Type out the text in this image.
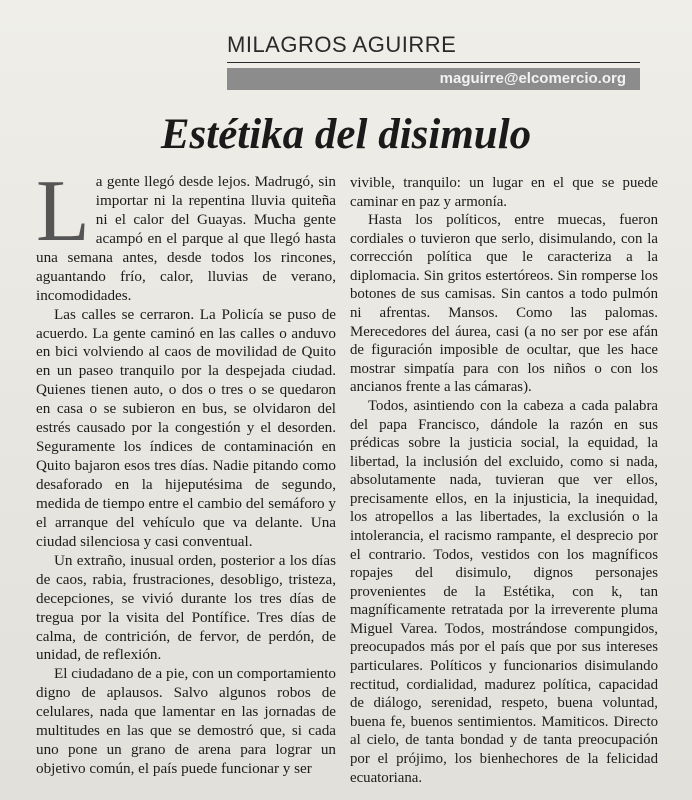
MILAGROS AGUIRRE
maguirre@elcomercio.org
Estétika del disimulo

La gente llegó desde lejos. Madrugó, sin importar ni la repentina lluvia quiteña ni el calor del Guayas. Mucha gente acampó en el parque al que llegó hasta una semana antes, desde todos los rincones, aguantando frío, calor, lluvias de verano, incomodidades.

Las calles se cerraron. La Policía se puso de acuerdo. La gente caminó en las calles o anduvo en bici volviendo al caos de movilidad de Quito en un paseo tranquilo por la despejada ciudad. Quienes tienen auto, o dos o tres o se quedaron en casa o se subieron en bus, se olvidaron del estrés causado por la congestión y el desorden. Seguramente los índices de contaminación en Quito bajaron esos tres días. Nadie pitando como desaforado en la hijeputésima de segundo, medida de tiempo entre el cambio del semáforo y el arranque del vehículo que va delante. Una ciudad silenciosa y casi conventual.

Un extraño, inusual orden, posterior a los días de caos, rabia, frustraciones, desobligo, tristeza, decepciones, se vivió durante los tres días de tregua por la visita del Pontífice. Tres días de calma, de contrición, de fervor, de perdón, de unidad, de reflexión.

El ciudadano de a pie, con un comportamiento digno de aplausos. Salvo algunos robos de celulares, nada que lamentar en las jornadas de multitudes en las que se demostró que, si cada uno pone un grano de arena para lograr un objetivo común, el país puede funcionar y ser

vivible, tranquilo: un lugar en el que se puede caminar en paz y armonía.

Hasta los políticos, entre muecas, fueron cordiales o tuvieron que serlo, disimulando, con la corrección política que le caracteriza a la diplomacia. Sin gritos estertóreos. Sin romperse los botones de sus camisas. Sin cantos a todo pulmón ni afrentas. Mansos. Como las palomas. Merecedores del áurea, casi (a no ser por ese afán de figuración imposible de ocultar, que les hace mostrar simpatía para con los niños o con los ancianos frente a las cámaras).

Todos, asintiendo con la cabeza a cada palabra del papa Francisco, dándole la razón en sus prédicas sobre la justicia social, la equidad, la libertad, la inclusión del excluido, como si nada, absolutamente nada, tuvieran que ver ellos, precisamente ellos, en la injusticia, la inequidad, los atropellos a las libertades, la exclusión o la intolerancia, el racismo rampante, el desprecio por el contrario. Todos, vestidos con los magníficos ropajes del disimulo, dignos personajes provenientes de la Estétika, con k, tan magníficamente retratada por la irreverente pluma Miguel Varea. Todos, mostrándose compungidos, preocupados más por el país que por sus intereses particulares. Políticos y funcionarios disimulando rectitud, cordialidad, madurez política, capacidad de diálogo, serenidad, respeto, buena voluntad, buena fe, buenos sentimientos. Mamiticos. Directo al cielo, de tanta bondad y de tanta preocupación por el prójimo, los bienhechores de la felicidad ecuatoriana.
